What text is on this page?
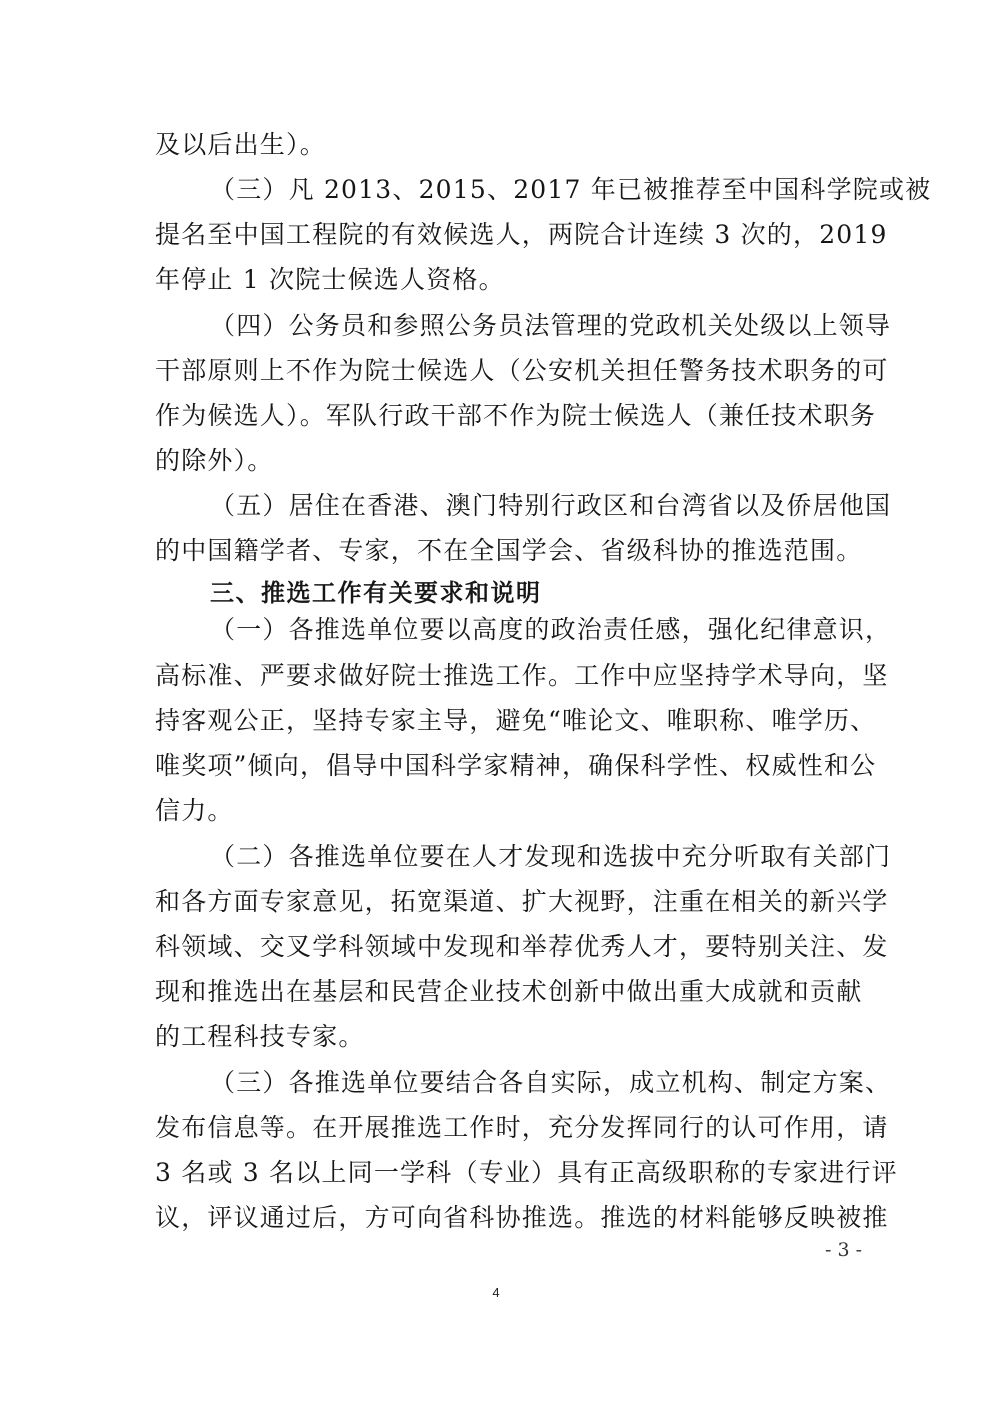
及以后出生）。
（三）凡 2013、2015、2017 年已被推荐至中国科学院或被
提名至中国工程院的有效候选人，两院合计连续 3 次的，2019
年停止 1 次院士候选人资格。
（四）公务员和参照公务员法管理的党政机关处级以上领导
干部原则上不作为院士候选人（公安机关担任警务技术职务的可
作为候选人）。军队行政干部不作为院士候选人（兼任技术职务
的除外）。
（五）居住在香港、澳门特别行政区和台湾省以及侨居他国
的中国籍学者、专家，不在全国学会、省级科协的推选范围。
三、推选工作有关要求和说明
（一）各推选单位要以高度的政治责任感，强化纪律意识，
高标准、严要求做好院士推选工作。工作中应坚持学术导向，坚
持客观公正，坚持专家主导，避免“唯论文、唯职称、唯学历、
唯奖项”倾向，倡导中国科学家精神，确保科学性、权威性和公
信力。
（二）各推选单位要在人才发现和选拔中充分听取有关部门
和各方面专家意见，拓宽渠道、扩大视野，注重在相关的新兴学
科领域、交叉学科领域中发现和举荐优秀人才，要特别关注、发
现和推选出在基层和民营企业技术创新中做出重大成就和贡献
的工程科技专家。
（三）各推选单位要结合各自实际，成立机构、制定方案、
发布信息等。在开展推选工作时，充分发挥同行的认可作用，请
3 名或 3 名以上同一学科（专业）具有正高级职称的专家进行评
议，评议通过后，方可向省科协推选。推选的材料能够反映被推
- 3 -
4
